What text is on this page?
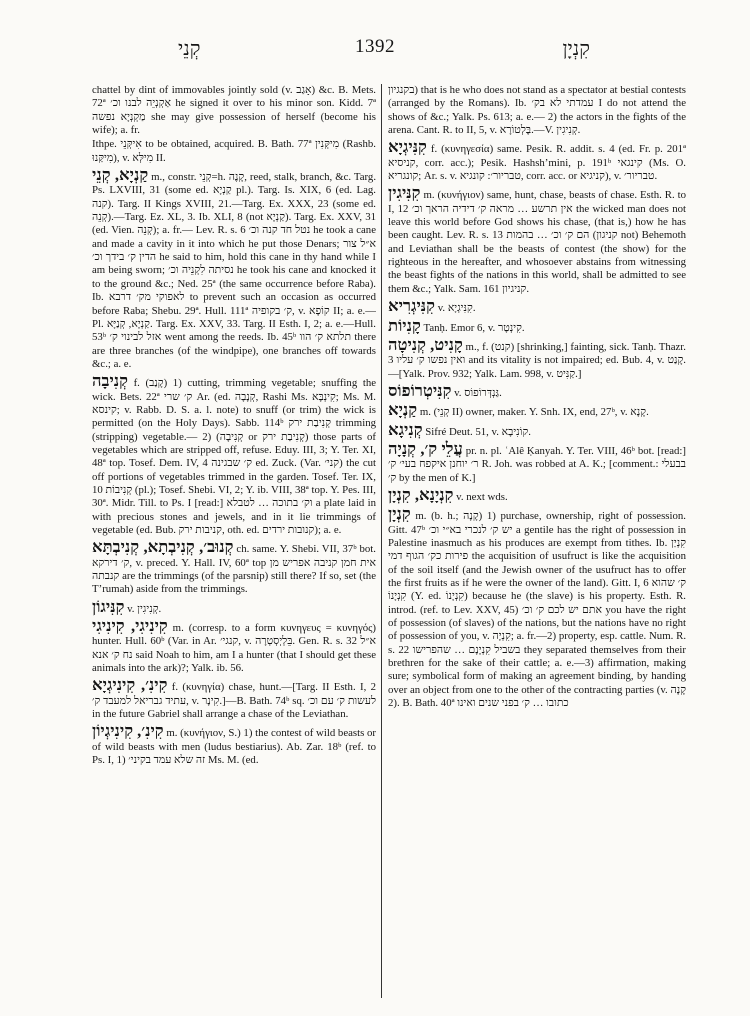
קְנֵי	1392	קִנְיָן
chattel by dint of immovables jointly sold (v. אָגַב) &c. B. Mets. 72ª אַקְנְיֵה לבנו וכ׳ he signed it over to his minor son. Kidd. 7ª מַקְנְיָא נפשה she may give possession of herself (become his wife); a. fr.
Ithpe. אִיקְּנֵי to be obtained, acquired. B. Bath. 77ª מִיקְּנִין (Rashb. מִיקַּנוּ), v. מִילְּא II.
קַנְיָא, קְנֵי m., constr. קְנֵי=h. קָנֶה, reed, stalk, branch, &c. Targ. Ps. LXVIII, 31 (some ed. קַנְיָא pl.). Targ. Is. XIX, 6 (ed. Lag. קנה). Targ. II Kings XVIII, 21.—Targ. Ex. XXX, 23 (some ed. קְנֵה).—Targ. Ez. XL, 3. Ib. XLI, 8 (not קַנְיָא). Targ. Ex. XXV, 31 (ed. Vien. קְנֵה); a. fr.— Lev. R. s. 6 נטל חד קנה וכ׳ he took a cane and made a cavity in it into which he put those Denars; א״ל צור הדין ק׳ בידך וכ׳ he said to him, hold this cane in thy hand while I am being sworn; נסיתה לִקְנֵיה וכ׳ he took his cane and knocked it to the ground &c.; Ned. 25ª (the same occurrence before Raba). Ib. לאפוקי מק׳ דרבא to prevent such an occasion as occurred before Raba; Shebu. 29ª. Hull. 111ª ק׳ בקופיה, v. קוֹפָא II; a. e.—Pl. קַנְיָא, קְנַיָּא. Targ. Ex. XXV, 33. Targ. II Esth. I, 2; a. e.—Hull. 53ᵇ אזל לבינוי ק׳ went among the reeds. Ib. 45ᵇ תלתא ק׳ הוו there are three branches (of the windpipe), one branches off towards &c.; a. e.
קְנִיבָה f. (קָנַב) 1) cutting, trimming vegetable; snuffing the wick. Bets. 22ª ק׳ שרי Ar. (ed. קְנָבָה, Rashi Ms. קִינְבָּא; Ms. M. קינסא; v. Rabb. D. S. a. l. note) to snuff (or trim) the wick is permitted (on the Holy Days). Sabb. 114ᵇ קְנִיבַת ירק trimming (stripping) vegetable.— 2) (קְנִיבָה or קְנִיבַת ירק) those parts of vegetables which are stripped off, refuse. Eduy. III, 3; Y. Ter. XI, 48ª top. Tosef. Dem. IV, 4 ק׳ שבגינה ed. Zuck. (Var. קני׳) the cut off portions of vegetables trimmed in the garden. Tosef. Ter. IX, 10 קְנִיבוֹת (pl.); Tosef. Shebi. VI, 2; Y. ib. VIII, 38ª top. Y. Pes. III, 30ª. Midr. Till. to Ps. I [read:] וק׳ בתוכה … לטבלא a plate laid in with precious stones and jewels, and in it lie trimmings of vegetable (ed. Bub. קניבות ירק, oth. ed. קנובות ירדים); a. e.
קְנוּב׳, קְנִיבְתָא, קְנִיבְתָּא ch. same. Y. Shebi. VII, 37ᵇ bot. ק׳ דירקא, v. preced. Y. Hall. IV, 60ª top אית חמן קניבה אפריש מן קנבתה are the trimmings (of the parsnip) still there? If so, set (the T’rumah) aside from the trimmings.
קִנִּיגוֹן v. קְנִיגִין.
קִינִיגִי, קִינִיגִי m. (corresp. to a form κυνηγευς = κυνηγός) hunter. Hull. 60ᵇ (Var. in Ar. קנגי׳, v. בֵּלְיְסְטְרָה. Gen. R. s. 32 א״ל נח ק׳ אנא said Noah to him, am I a hunter (that I should get these animals into the ark)?; Yalk. ib. 56.
קִינִ׳, קִינִיגְיָא f. (κυνηγία) chase, hunt.—[Targ. II Esth. I, 2 עתיד גבריאל למעבד ק׳, v. קִינָר.]—B. Bath. 74ᵇ sq. לעשות ק׳ עם וכ׳ in the future Gabriel shall arrange a chase of the Leviathan.
קִינִ׳, קִינִיגְיוֹן m. (κυνήγιον, S.) 1) the contest of wild beasts or of wild beasts with men (ludus bestiarius). Ab. Zar. 18ᵇ (ref. to Ps. I, 1) זה שלא עמד בקיני׳ Ms. M. (ed.
בקנגיון) that is he who does not stand as a spectator at bestial contests (arranged by the Romans). Ib. עמדתי לא בק׳ I do not attend the shows of &c.; Yalk. Ps. 613; a. e.— 2) the actors in the fights of the arena. Cant. R. to II, 5, v. בֶּלְטוֹרָא.—V. קְנִיגִין.
קִנִּיגְיָא f. (κυνηγεσία) same. Pesik. R. addit. s. 4 (ed. Fr. p. 201ª קניסיא, corr. acc.); Pesik. Hashsh’mini, p. 191ᵇ קינגאי (Ms. O. קונגריא; Ar. s. v. טבריור׳: קונגיא, corr. acc. or קניגיא), v. טבריור׳.
קִנִּיגִין m. (κυνήγιον) same, hunt, chase, beasts of chase. Esth. R. to I, 12 אין תרשע … מראה ק׳ דידיה הראך וכ׳ the wicked man does not leave this world before God shows his chase, (that is,) how he has been caught. Lev. R. s. 13 הם ק׳ וכ׳ … בהמות (קניגון not) Behemoth and Leviathan shall be the beasts of contest (the show) for the righteous in the hereafter, and whosoever abstains from witnessing the beast fights of the nations in this world, shall be admitted to see them &c.; Yalk. Sam. 161 קניגיון.
קִנִּיגְרִיא v. קִנִּיגְיָא.
קָנִיוֹת Tanḥ. Emor 6, v. קִינְטָר.
קָנִיט, קְנִיטָה m., f. (קנט) [shrinking,] fainting, sick. Tanḥ. Thazr. 3 ואין נפשו ק׳ עליו and its vitality is not impaired; ed. Bub. 4, v. קָנַט.—[Yalk. Prov. 932; Yalk. Lam. 998, v. קַנִּיט.]
קִנִּיטְרוֹפוֹס v. גַּנְדְּרוֹפוֹס.
קַנְיָא m. (קְנֵי II) owner, maker. Y. Snh. IX, end, 27ᵇ, v. קָנָא.
קְנִיגָא Sifré Deut. 51, v. קוֹנִיבָא.
עֲלֵי ק׳, קְנָיָה pr. n. pl. ʿAlê Ḳanyah. Y. Ter. VIII, 46ᵇ bot. [read:] ר׳ יוחנן איקפח בעי׳ ק׳ R. Joh. was robbed at A. K.; [comment.: בבעלי ק׳ by the men of K.]
קִנְיָנָא, קִנְיָן v. next wds.
קִנְיָן m. (b. h.; קָנָה) 1) purchase, ownership, right of possession. Gitt. 47ᵇ יש ק׳ לנכרי בא״י וכ׳ a gentile has the right of possession in Palestine inasmuch as his produces are exempt from tithes. Ib. קִנְיַן פירות כק׳ הגוף דמי the acquisition of usufruct is like the acquisition of the soil itself (and the Jewish owner of the usufruct has to offer the first fruits as if he were the owner of the land). Gitt. I, 6 ק׳ שהוא קִנְיָנוֹ (Y. ed. קִנְיָנוֹ) because he (the slave) is his property. Esth. R. introd. (ref. to Lev. XXV, 45) אתם יש לכם ק׳ וכ׳ you have the right of possession (of slaves) of the nations, but the nations have no right of possession of you, v. קִנְיָה; a. fr.—2) property, esp. cattle. Num. R. s. 22 בשביל קִנְיָנָם … שהפרישו they separated themselves from their brethren for the sake of their cattle; a. e.—3) affirmation, making sure; symbolical form of making an agreement binding, by handing over an object from one to the other of the contracting parties (v. קָנָה 2). B. Bath. 40ª כתובו … ק׳ בפני שנים ואינו
